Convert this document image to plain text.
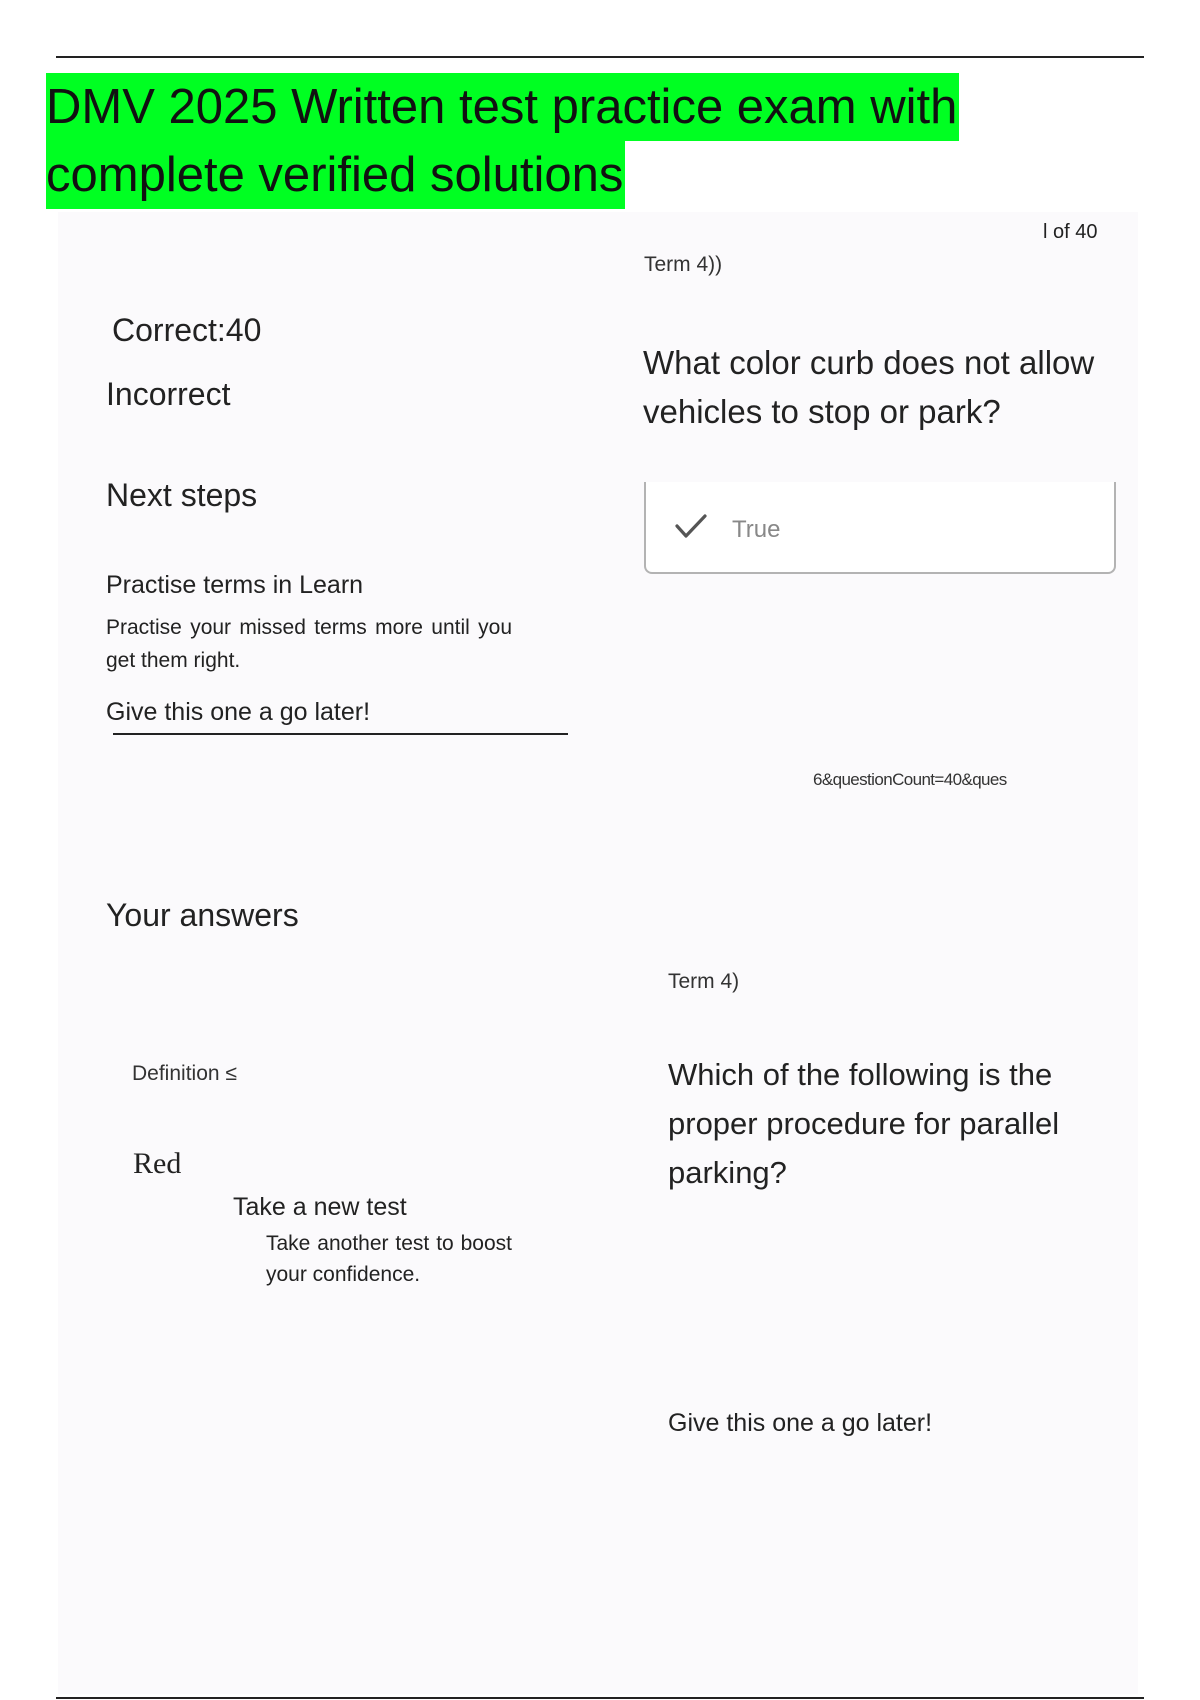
DMV 2025 Written test practice exam with
complete verified solutions
Correct:40
Incorrect
Next steps
Practise terms in Learn
Practise your missed terms more until you get them right.
Give this one a go later!
Your answers
Definition ≤
Red
Take a new test
Take another test to boost your confidence.
l of 40
Term 4))
What color curb does not allow vehicles to stop or park?
True
6&questionCount=40&ques
Term 4)
Which of the following is the proper procedure for parallel parking?
Give this one a go later!
